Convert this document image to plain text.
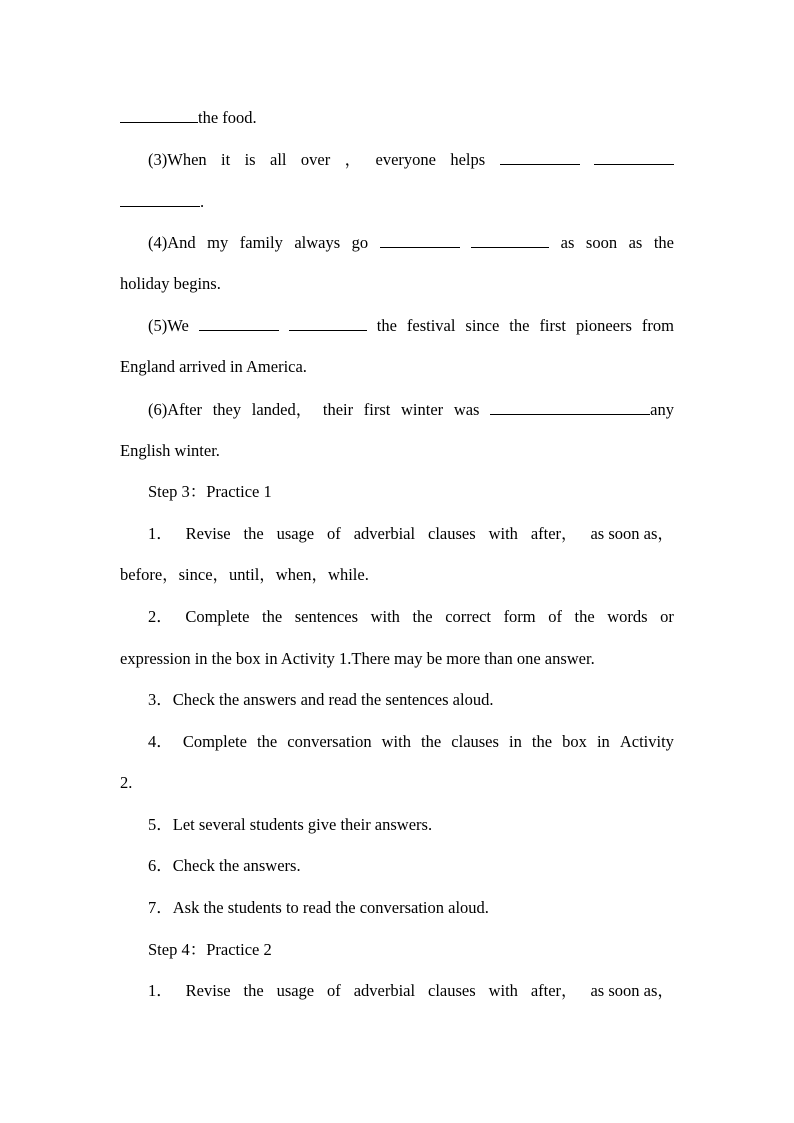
the food.
(3)When it is all over ， everyone helps
.
(4)And my family always go	as soon as the
holiday begins.
(5)We	the festival since the first pioneers from
England arrived in America.
(6)After they landed， their first winter was	any
English winter.
Step 3：Practice 1
1． Revise the usage of adverbial clauses with after， as soon as，
before，since，until，when，while.
2． Complete the sentences with the correct form of the words or
expression in the box in Activity 1.There may be more than one answer.
3．Check the answers and read the sentences aloud.
4． Complete the conversation with the clauses in the box in Activity
2.
5．Let several students give their answers.
6．Check the answers.
7．Ask the students to read the conversation aloud.
Step 4：Practice 2
1． Revise the usage of adverbial clauses with after， as soon as，
